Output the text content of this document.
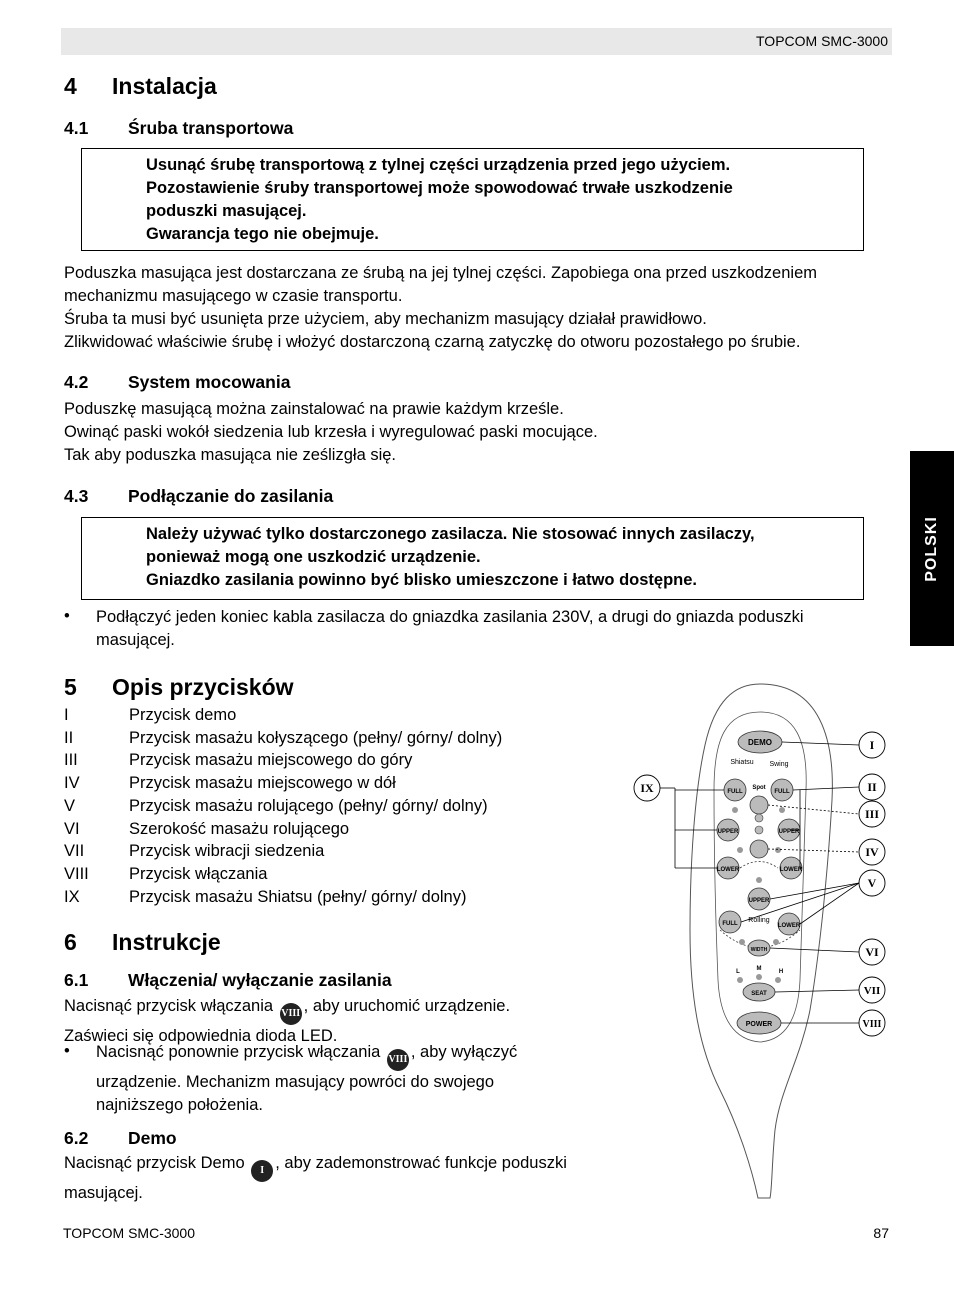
TOPCOM SMC-3000
POLSKI
4 Instalacja
4.1 Śruba transportowa
Usunąć śrubę transportową z tylnej części urządzenia przed jego użyciem.
Pozostawienie śruby transportowej może spowodować trwałe uszkodzenie
poduszki masującej.
Gwarancja tego nie obejmuje.
Poduszka masująca jest dostarczana ze śrubą na jej tylnej części. Zapobiega ona przed uszkodzeniem
mechanizmu masującego w czasie transportu.
Śruba ta musi być usunięta prze użyciem, aby mechanizm masujący działał prawidłowo.
Zlikwidować właściwie śrubę i włożyć dostarczoną czarną zatyczkę do otworu pozostałego po śrubie.
4.2 System mocowania
Poduszkę masującą można zainstalować na prawie każdym krześle.
Owinąć paski wokół siedzenia lub krzesła i wyregulować paski mocujące.
Tak aby poduszka masująca nie ześlizgła się.
4.3 Podłączanie do zasilania
Należy używać tylko dostarczonego zasilacza. Nie stosować innych zasilaczy,
ponieważ mogą one uszkodzić urządzenie.
Gniazdko zasilania powinno być blisko umieszczone i łatwo dostępne.
• Podłączyć jeden koniec kabla zasilacza do gniazdka zasilania 230V, a drugi do gniazda poduszki
masującej.
5 Opis przycisków
I	Przycisk demo
II	Przycisk masażu kołyszącego (pełny/ górny/ dolny)
III	Przycisk masażu miejscowego do góry
IV	Przycisk masażu miejscowego w dół
V	Przycisk masażu rolującego (pełny/ górny/ dolny)
VI	Szerokość masażu rolującego
VII	Przycisk wibracji siedzenia
VIII	Przycisk włączania
IX	Przycisk masażu Shiatsu (pełny/ górny/ dolny)
6 Instrukcje
6.1 Włączenia/ wyłączanie zasilania
Nacisnąć przycisk włączania VIII , aby uruchomić urządzenie.
Zaświeci się odpowiednia dioda LED.
• Nacisnąć ponownie przycisk włączania VIII , aby wyłączyć
urządzenie. Mechanizm masujący powróci do swojego
najniższego położenia.
6.2 Demo
Nacisnąć przycisk Demo I , aby zademonstrować funkcje poduszki
masującej.
DEMO
Shiatsu Swing
Spot
FULL	FULL
UPPER	UPPER
LOWER	LOWER
UPPER
Rolling
FULL	LOWER
WIDTH
L	M	H
SEAT
POWER
I
II
III
IV
V
VI
VII
VIII
IX
TOPCOM SMC-3000	87
